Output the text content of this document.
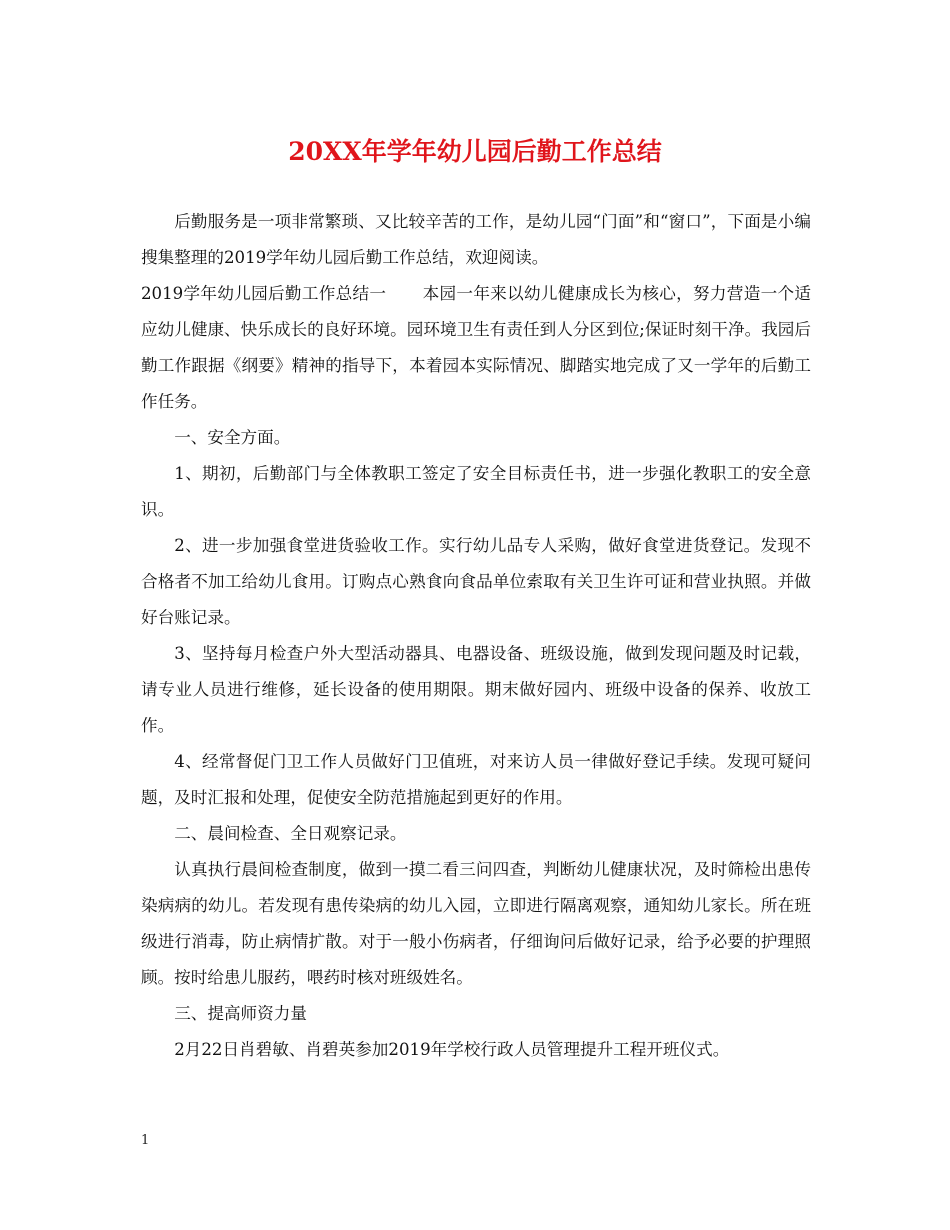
20XX年学年幼儿园后勤工作总结

后勤服务是一项非常繁琐、又比较辛苦的工作，是幼儿园“门面”和“窗口”，下面是小编搜集整理的2019学年幼儿园后勤工作总结，欢迎阅读。

2019学年幼儿园后勤工作总结一 本园一年来以幼儿健康成长为核心，努力营造一个适应幼儿健康、快乐成长的良好环境。园环境卫生有责任到人分区到位;保证时刻干净。我园后勤工作跟据《纲要》精神的指导下，本着园本实际情况、脚踏实地完成了又一学年的后勤工作任务。

一、安全方面。

1、期初，后勤部门与全体教职工签定了安全目标责任书，进一步强化教职工的安全意识。

2、进一步加强食堂进货验收工作。实行幼儿品专人采购，做好食堂进货登记。发现不合格者不加工给幼儿食用。订购点心熟食向食品单位索取有关卫生许可证和营业执照。并做好台账记录。

3、坚持每月检查户外大型活动器具、电器设备、班级设施，做到发现问题及时记载，请专业人员进行维修，延长设备的使用期限。期末做好园内、班级中设备的保养、收放工作。

4、经常督促门卫工作人员做好门卫值班，对来访人员一律做好登记手续。发现可疑问题，及时汇报和处理，促使安全防范措施起到更好的作用。

二、晨间检查、全日观察记录。

认真执行晨间检查制度，做到一摸二看三问四查，判断幼儿健康状况，及时筛检出患传染病病的幼儿。若发现有患传染病的幼儿入园，立即进行隔离观察，通知幼儿家长。所在班级进行消毒，防止病情扩散。对于一般小伤病者，仔细询问后做好记录，给予必要的护理照顾。按时给患儿服药，喂药时核对班级姓名。

三、提高师资力量

2月22日肖碧敏、肖碧英参加2019年学校行政人员管理提升工程开班仪式。

1
